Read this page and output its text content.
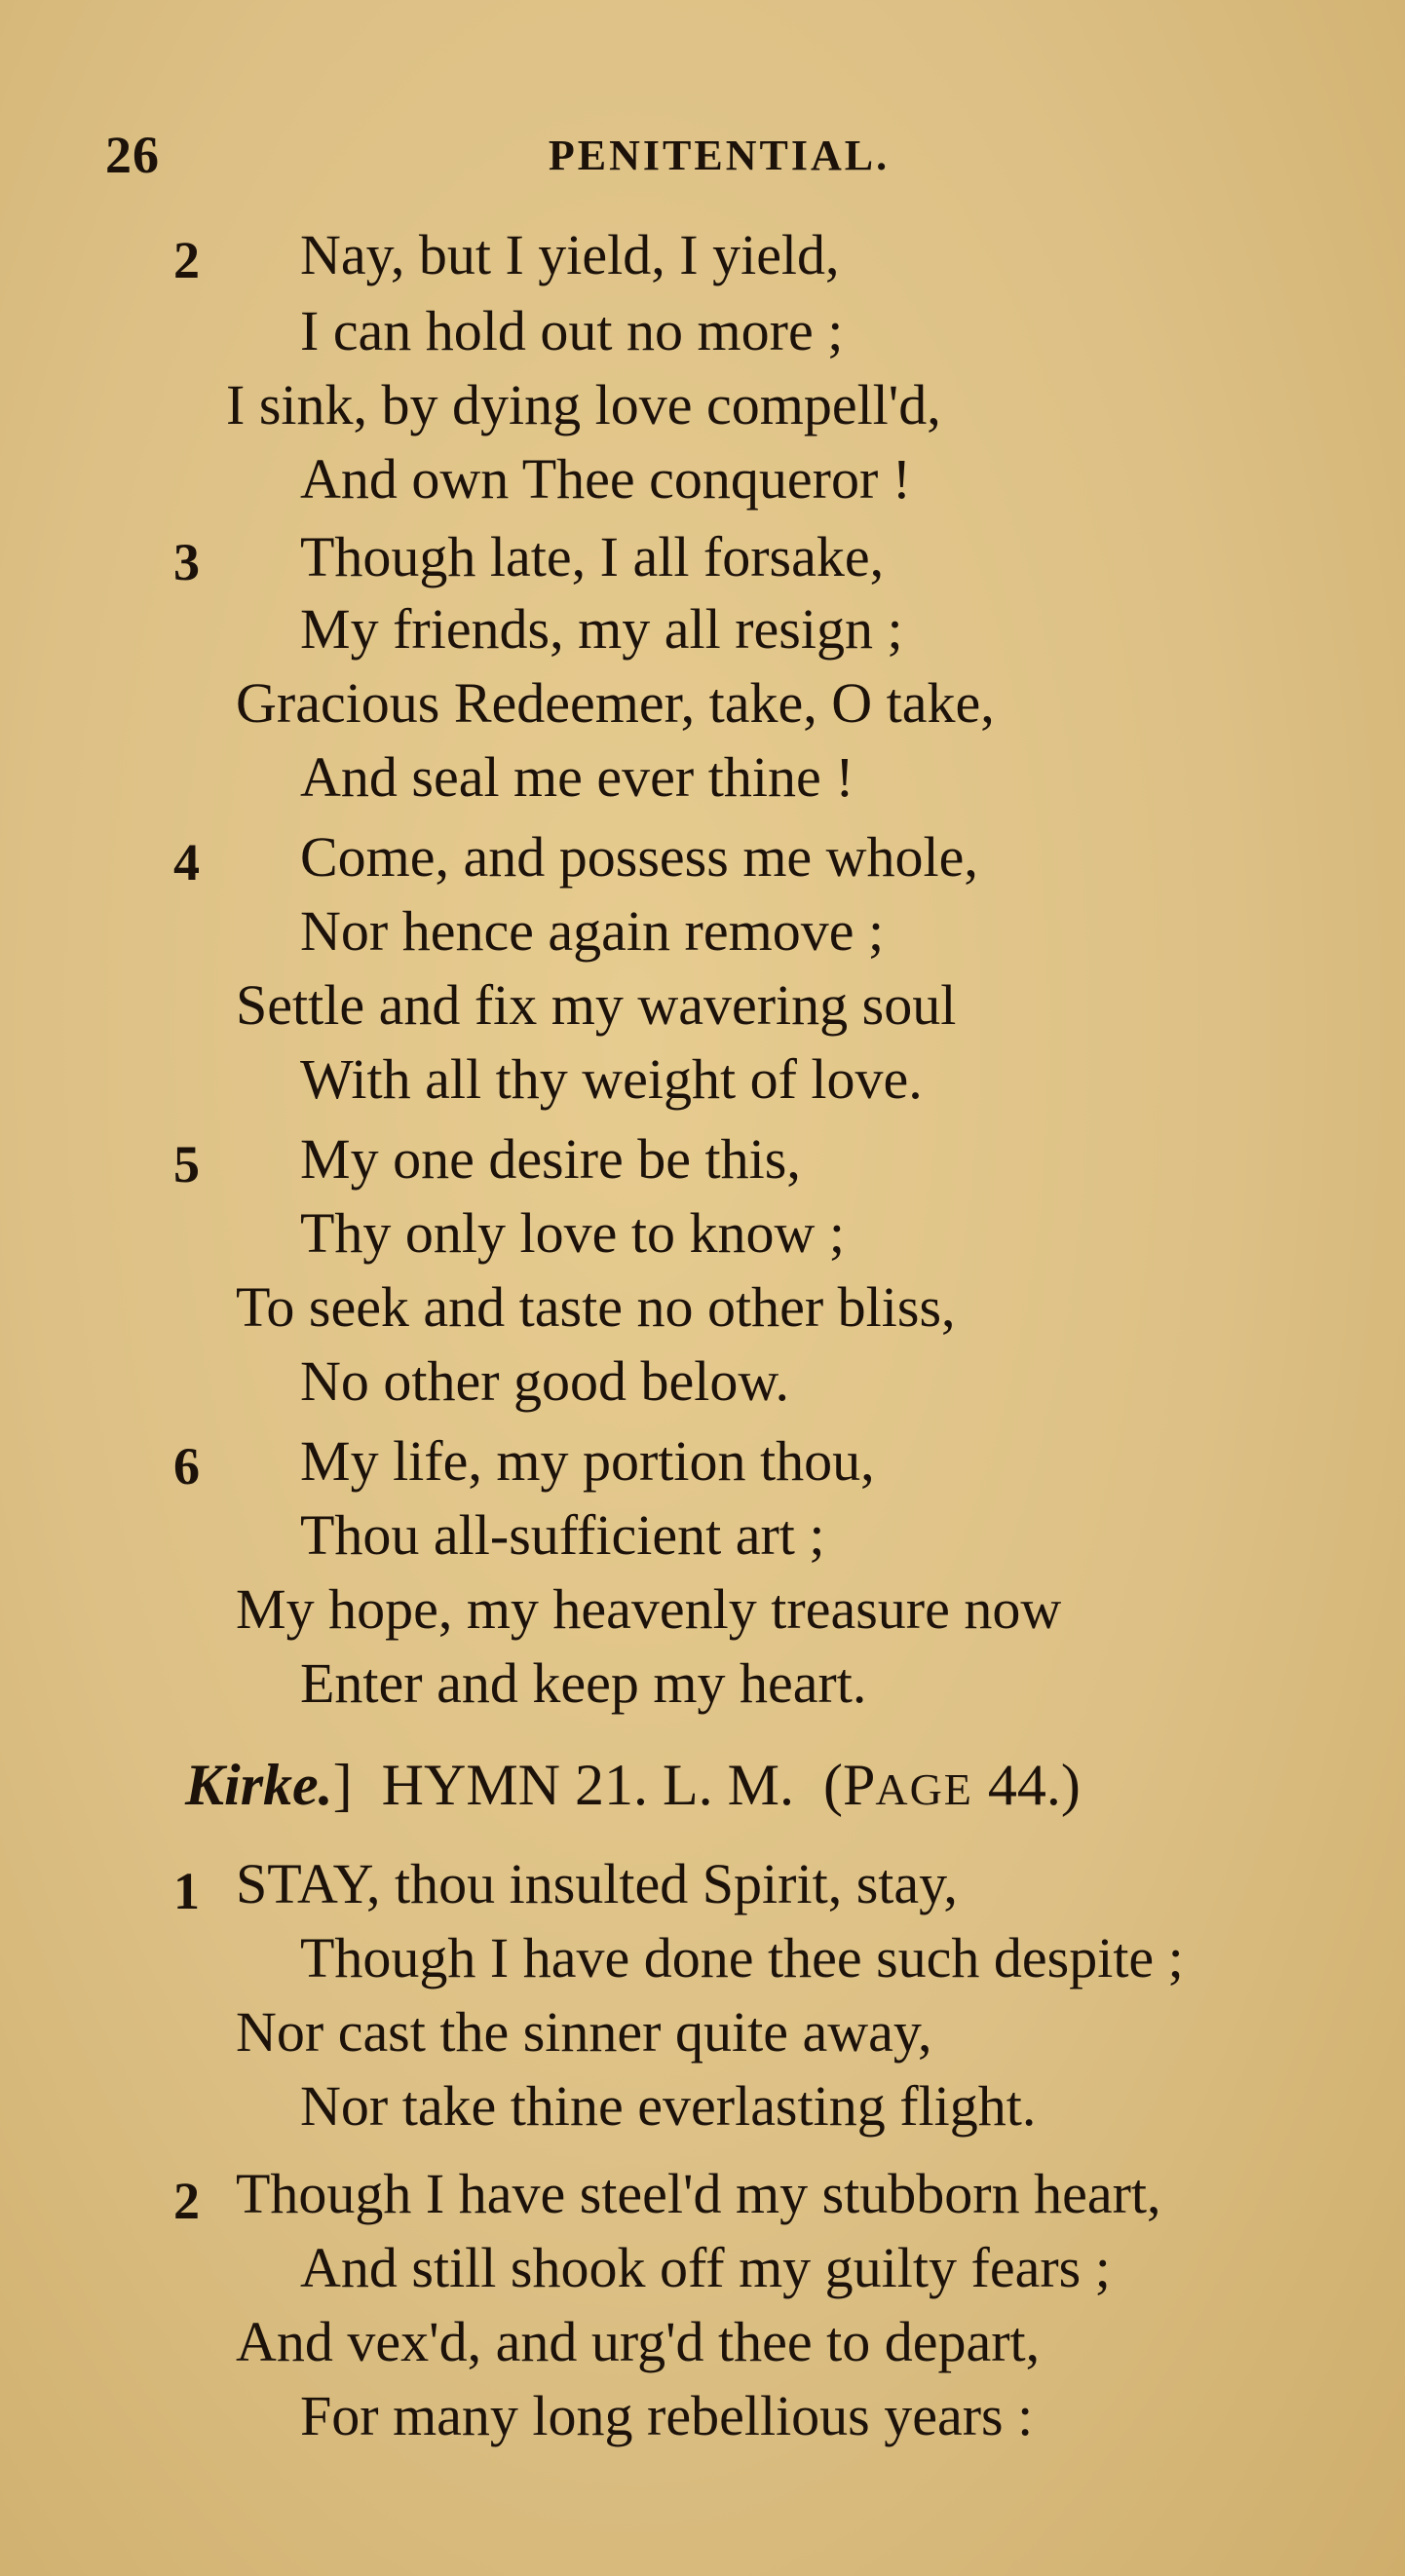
26	PENITENTIAL.
2 Nay, but I yield, I yield,
I can hold out no more ;
I sink, by dying love compell'd,
And own Thee conqueror !
3 Though late, I all forsake,
My friends, my all resign ;
Gracious Redeemer, take, O take,
And seal me ever thine !
4 Come, and possess me whole,
Nor hence again remove ;
Settle and fix my wavering soul
With all thy weight of love.
5 My one desire be this,
Thy only love to know ;
To seek and taste no other bliss,
No other good below.
6 My life, my portion thou,
Thou all-sufficient art ;
My hope, my heavenly treasure now
Enter and keep my heart.
Kirke.] HYMN 21. L. M. (PAGE 44.)
1 STAY, thou insulted Spirit, stay,
Though I have done thee such despite ;
Nor cast the sinner quite away,
Nor take thine everlasting flight.
2 Though I have steel'd my stubborn heart,
And still shook off my guilty fears ;
And vex'd, and urg'd thee to depart,
For many long rebellious years :
